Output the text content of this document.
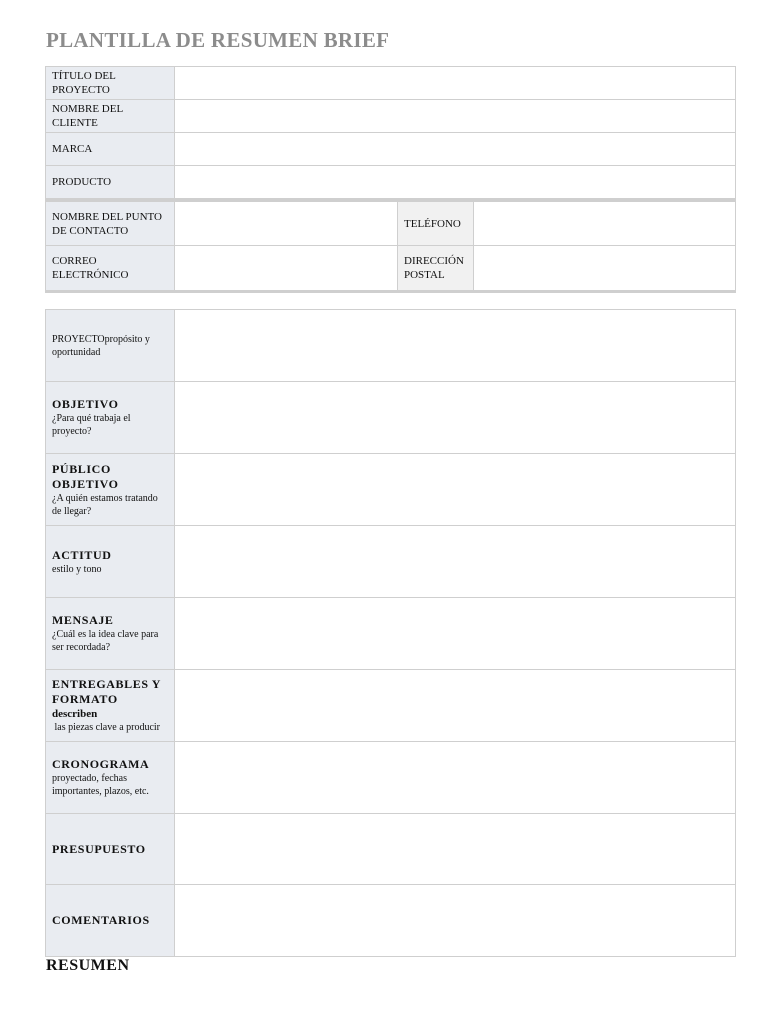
PLANTILLA DE RESUMEN BRIEF
TÍTULO DEL PROYECTO	
NOMBRE DEL CLIENTE	
MARCA	
PRODUCTO	
NOMBRE DEL PUNTO DE CONTACTO		TELÉFONO	
CORREO ELECTRÓNICO		DIRECCIÓN POSTAL	
PROYECTOpropósito y oportunidad	

OBJETIVO
¿Para qué trabaja el proyecto?	

PÚBLICO OBJETIVO
¿A quién estamos tratando de llegar?	

ACTITUD
estilo y tono	

MENSAJE
¿Cuál es la idea clave para ser recordada?	

ENTREGABLES Y FORMATO
describen
las piezas clave a producir	

CRONOGRAMA
proyectado, fechas importantes, plazos, etc.	

PRESUPUESTO	

COMENTARIOS	

RESUMEN
